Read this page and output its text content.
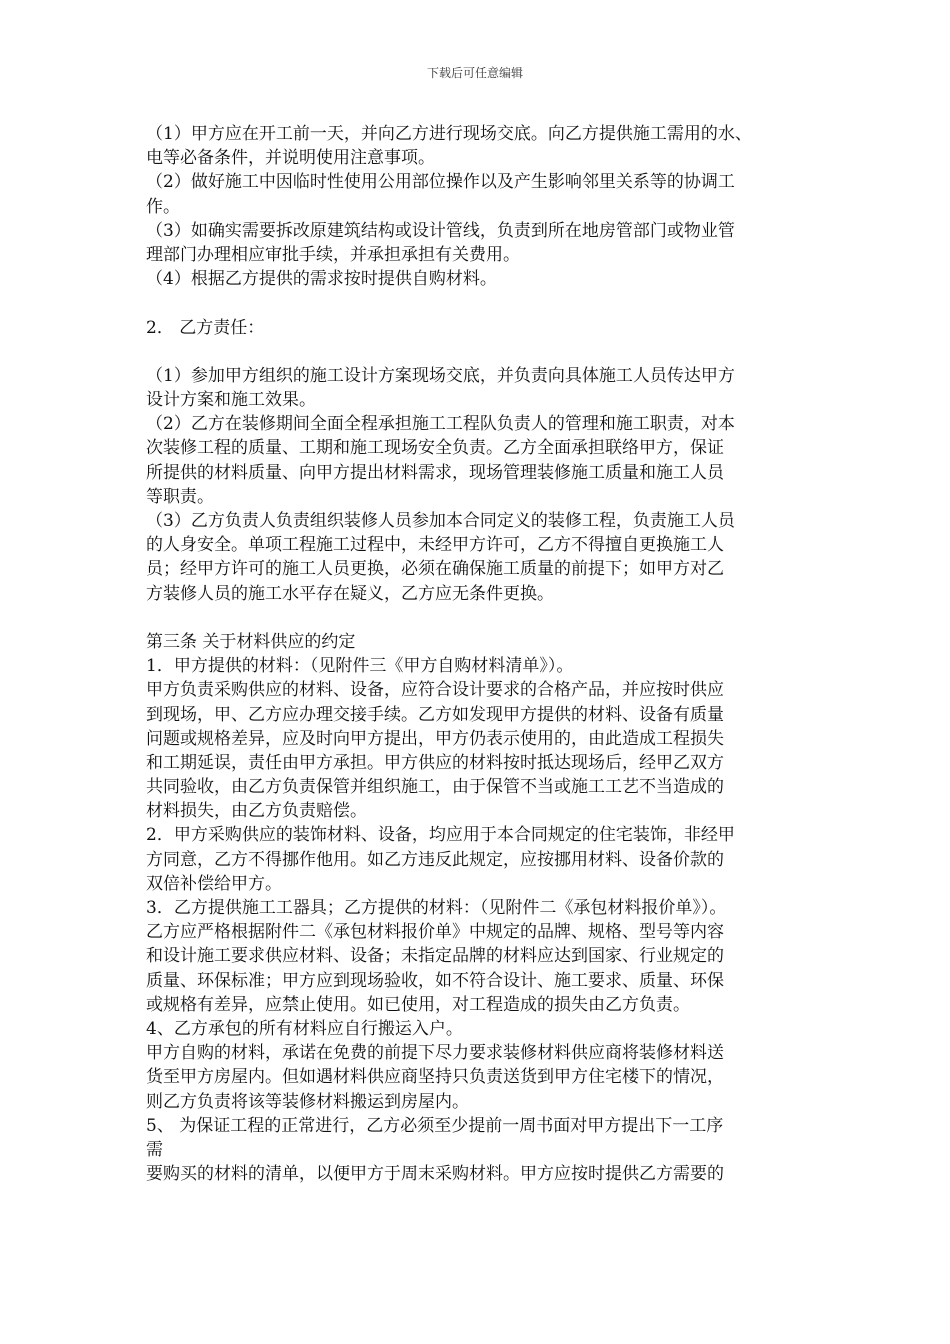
下载后可任意编辑
（1）甲方应在开工前一天，并向乙方进行现场交底。向乙方提供施工需用的水、
电等必备条件，并说明使用注意事项。
（2）做好施工中因临时性使用公用部位操作以及产生影响邻里关系等的协调工
作。
（3）如确实需要拆改原建筑结构或设计管线，负责到所在地房管部门或物业管
理部门办理相应审批手续，并承担承担有关费用。
（4）根据乙方提供的需求按时提供自购材料。
2． 乙方责任：
（1）参加甲方组织的施工设计方案现场交底，并负责向具体施工人员传达甲方
设计方案和施工效果。
（2）乙方在装修期间全面全程承担施工工程队负责人的管理和施工职责，对本
次装修工程的质量、工期和施工现场安全负责。乙方全面承担联络甲方，保证
所提供的材料质量、向甲方提出材料需求，现场管理装修施工质量和施工人员
等职责。
（3）乙方负责人负责组织装修人员参加本合同定义的装修工程，负责施工人员
的人身安全。单项工程施工过程中，未经甲方许可，乙方不得擅自更换施工人
员；经甲方许可的施工人员更换，必须在确保施工质量的前提下；如甲方对乙
方装修人员的施工水平存在疑义，乙方应无条件更换。
第三条 关于材料供应的约定
1．甲方提供的材料：（见附件三《甲方自购材料清单》）。
甲方负责采购供应的材料、设备，应符合设计要求的合格产品，并应按时供应
到现场，甲、乙方应办理交接手续。乙方如发现甲方提供的材料、设备有质量
问题或规格差异，应及时向甲方提出，甲方仍表示使用的，由此造成工程损失
和工期延误，责任由甲方承担。甲方供应的材料按时抵达现场后，经甲乙双方
共同验收，由乙方负责保管并组织施工，由于保管不当或施工工艺不当造成的
材料损失，由乙方负责赔偿。
2．甲方采购供应的装饰材料、设备，均应用于本合同规定的住宅装饰，非经甲
方同意，乙方不得挪作他用。如乙方违反此规定，应按挪用材料、设备价款的
双倍补偿给甲方。
3．乙方提供施工工器具；乙方提供的材料：（见附件二《承包材料报价单》）。
乙方应严格根据附件二《承包材料报价单》中规定的品牌、规格、型号等内容
和设计施工要求供应材料、设备；未指定品牌的材料应达到国家、行业规定的
质量、环保标准；甲方应到现场验收，如不符合设计、施工要求、质量、环保
或规格有差异，应禁止使用。如已使用，对工程造成的损失由乙方负责。
4、乙方承包的所有材料应自行搬运入户。
甲方自购的材料，承诺在免费的前提下尽力要求装修材料供应商将装修材料送
货至甲方房屋内。但如遇材料供应商坚持只负责送货到甲方住宅楼下的情况，
则乙方负责将该等装修材料搬运到房屋内。
5、 为保证工程的正常进行，乙方必须至少提前一周书面对甲方提出下一工序
需
要购买的材料的清单，以便甲方于周末采购材料。甲方应按时提供乙方需要的
